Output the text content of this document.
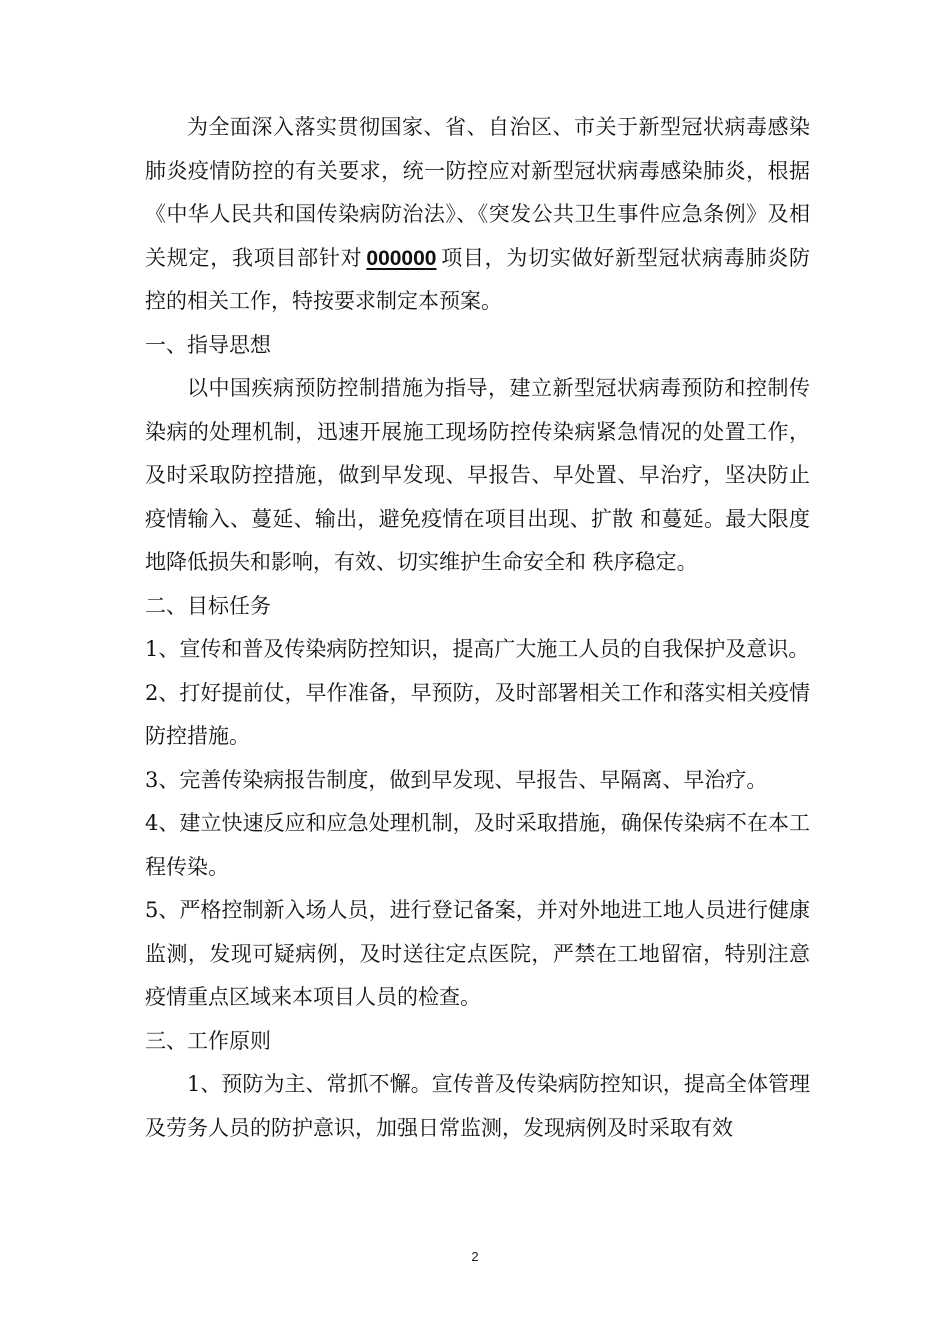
为全面深入落实贯彻国家、省、自治区、市关于新型冠状病毒感染肺炎疫情防控的有关要求，统一防控应对新型冠状病毒感染肺炎，根据 《中华人民共和国传染病防治法》、《突发公共卫生事件应急条例》及相关规定，我项目部针对 000000 项目，为切实做好新型冠状病毒肺炎防控的相关工作，特按要求制定本预案。

一、指导思想

以中国疾病预防控制措施为指导，建立新型冠状病毒预防和控制传染病的处理机制，迅速开展施工现场防控传染病紧急情况的处置工作，及时采取防控措施，做到早发现、早报告、早处置、早治疗，坚决防止疫情输入、蔓延、输出，避免疫情在项目出现、扩散 和蔓延。最大限度地降低损失和影响，有效、切实维护生命安全和 秩序稳定。

二、目标任务

1、宣传和普及传染病防控知识，提高广大施工人员的自我保护及意识。

2、打好提前仗，早作准备，早预防，及时部署相关工作和落实相关疫情防控措施。

3、完善传染病报告制度，做到早发现、早报告、早隔离、早治疗。

4、建立快速反应和应急处理机制，及时采取措施，确保传染病不在本工程传染。

5、严格控制新入场人员，进行登记备案，并对外地进工地人员进行健康监测，发现可疑病例，及时送往定点医院，严禁在工地留宿，特别注意疫情重点区域来本项目人员的检查。

三、工作原则

1、预防为主、常抓不懈。宣传普及传染病防控知识，提高全体管理及劳务人员的防护意识，加强日常监测，发现病例及时采取有效

2
